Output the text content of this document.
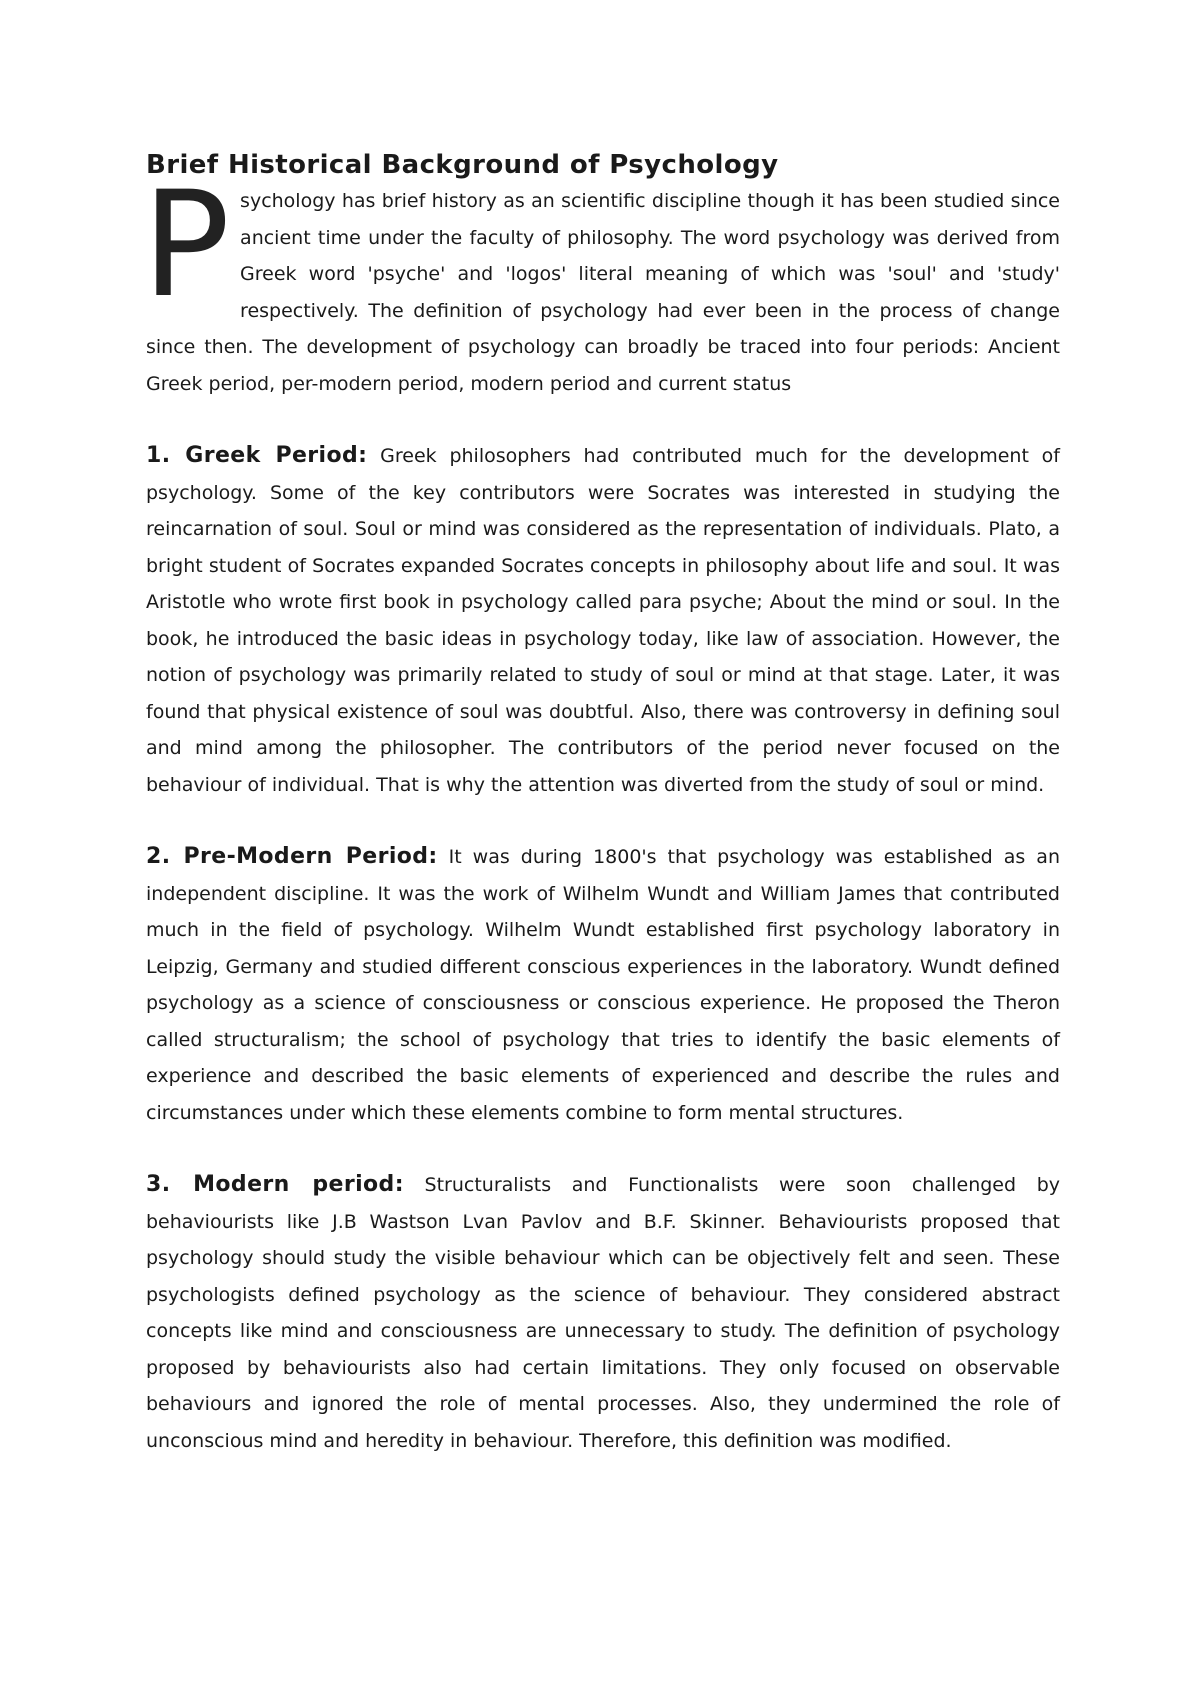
Brief Historical Background of Psychology

Psychology has brief history as an scientific discipline though it has been studied since ancient time under the faculty of philosophy. The word psychology was derived from Greek word 'psyche' and 'logos' literal meaning of which was 'soul' and 'study' respectively. The definition of psychology had ever been in the process of change since then. The development of psychology can broadly be traced into four periods: Ancient Greek period, per-modern period, modern period and current status

1. Greek Period: Greek philosophers had contributed much for the development of psychology. Some of the key contributors were Socrates was interested in studying the reincarnation of soul. Soul or mind was considered as the representation of individuals. Plato, a bright student of Socrates expanded Socrates concepts in philosophy about life and soul. It was Aristotle who wrote first book in psychology called para psyche; About the mind or soul. In the book, he introduced the basic ideas in psychology today, like law of association. However, the notion of psychology was primarily related to study of soul or mind at that stage. Later, it was found that physical existence of soul was doubtful. Also, there was controversy in defining soul and mind among the philosopher. The contributors of the period never focused on the behaviour of individual. That is why the attention was diverted from the study of soul or mind.

2. Pre-Modern Period: It was during 1800's that psychology was established as an independent discipline. It was the work of Wilhelm Wundt and William James that contributed much in the field of psychology. Wilhelm Wundt established first psychology laboratory in Leipzig, Germany and studied different conscious experiences in the laboratory. Wundt defined psychology as a science of consciousness or conscious experience. He proposed the Theron called structuralism; the school of psychology that tries to identify the basic elements of experience and described the basic elements of experienced and describe the rules and circumstances under which these elements combine to form mental structures.

3. Modern period: Structuralists and Functionalists were soon challenged by behaviourists like J.B Wastson Lvan Pavlov and B.F. Skinner. Behaviourists proposed that psychology should study the visible behaviour which can be objectively felt and seen. These psychologists defined psychology as the science of behaviour. They considered abstract concepts like mind and consciousness are unnecessary to study. The definition of psychology proposed by behaviourists also had certain limitations. They only focused on observable behaviours and ignored the role of mental processes. Also, they undermined the role of unconscious mind and heredity in behaviour. Therefore, this definition was modified.
